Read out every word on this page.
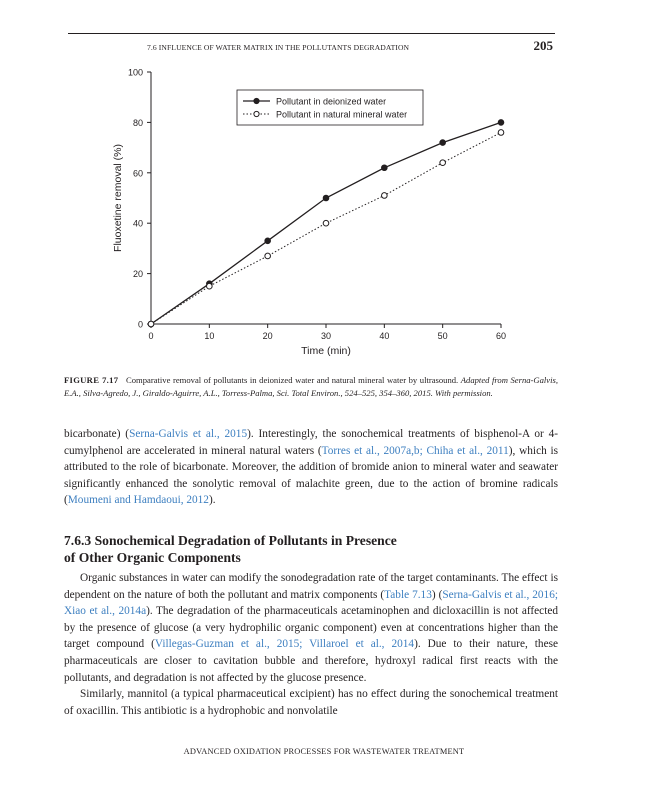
7.6 INFLUENCE OF WATER MATRIX IN THE POLLUTANTS DEGRADATION	205
0
20
40
60
80
100
0	10	20	30	40	50	60
Time (min)
Fluoxetine removal (%)
Pollutant in deionized water
Pollutant in natural mineral water
FIGURE 7.17 Comparative removal of pollutants in deionized water and natural mineral water by ultrasound. Adapted from Serna-Galvis, E.A., Silva-Agredo, J., Giraldo-Aguirre, A.L., Torress-Palma, Sci. Total Environ., 524–525, 354–360, 2015. With permission.

bicarbonate) (Serna-Galvis et al., 2015). Interestingly, the sonochemical treatments of bisphenol-A or 4-cumylphenol are accelerated in mineral natural waters (Torres et al., 2007a,b; Chiha et al., 2011), which is attributed to the role of bicarbonate. Moreover, the addition of bromide anion to mineral water and seawater significantly enhanced the sonolytic removal of malachite green, due to the action of bromine radicals (Moumeni and Hamdaoui, 2012).

7.6.3 Sonochemical Degradation of Pollutants in Presence
of Other Organic Components

Organic substances in water can modify the sonodegradation rate of the target contaminants. The effect is dependent on the nature of both the pollutant and matrix components (Table 7.13) (Serna-Galvis et al., 2016; Xiao et al., 2014a). The degradation of the pharmaceuticals acetaminophen and dicloxacillin is not affected by the presence of glucose (a very hydrophilic organic component) even at concentrations higher than the target compound (Villegas-Guzman et al., 2015; Villaroel et al., 2014). Due to their nature, these pharmaceuticals are closer to cavitation bubble and therefore, hydroxyl radical first reacts with the pollutants, and degradation is not affected by the glucose presence.

Similarly, mannitol (a typical pharmaceutical excipient) has no effect during the sonochemical treatment of oxacillin. This antibiotic is a hydrophobic and nonvolatile

ADVANCED OXIDATION PROCESSES FOR WASTEWATER TREATMENT
